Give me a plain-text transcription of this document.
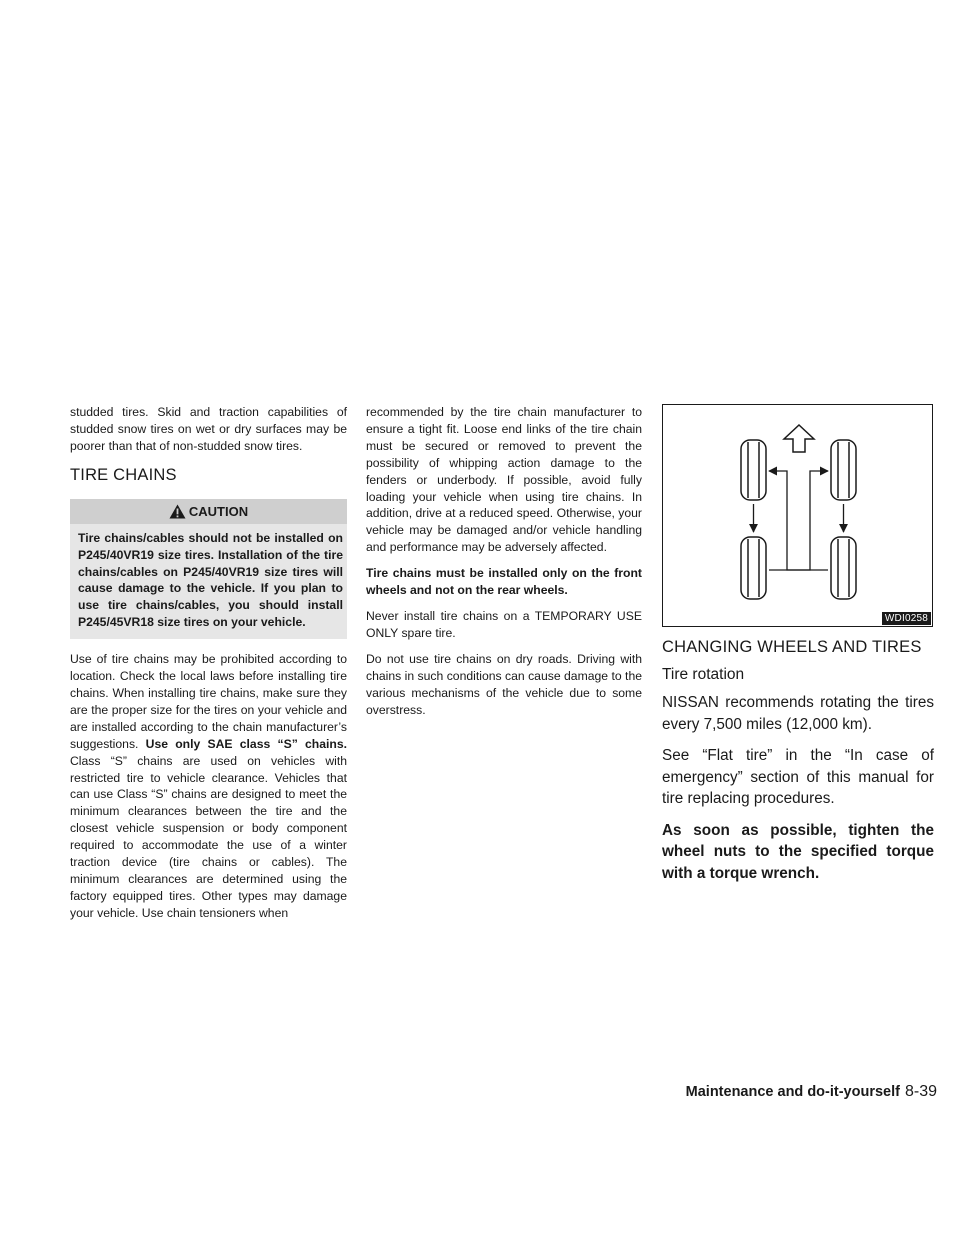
studded tires. Skid and traction capabilities of studded snow tires on wet or dry surfaces may be poorer than that of non-studded snow tires.

TIRE CHAINS
CAUTION
Tire chains/cables should not be installed on P245/40VR19 size tires. Installation of the tire chains/cables on P245/40VR19 size tires will cause damage to the vehicle. If you plan to use tire chains/cables, you should install P245/45VR18 size tires on your vehicle.

Use of tire chains may be prohibited according to location. Check the local laws before installing tire chains. When installing tire chains, make sure they are the proper size for the tires on your vehicle and are installed according to the chain manufacturer’s suggestions. Use only SAE class “S” chains. Class “S” chains are used on vehicles with restricted tire to vehicle clearance. Vehicles that can use Class “S” chains are designed to meet the minimum clearances between the tire and the closest vehicle suspension or body component required to accommodate the use of a winter traction device (tire chains or cables). The minimum clearances are determined using the factory equipped tires. Other types may damage your vehicle. Use chain tensioners when

recommended by the tire chain manufacturer to ensure a tight fit. Loose end links of the tire chain must be secured or removed to prevent the possibility of whipping action damage to the fenders or underbody. If possible, avoid fully loading your vehicle when using tire chains. In addition, drive at a reduced speed. Otherwise, your vehicle may be damaged and/or vehicle handling and performance may be adversely affected.

Tire chains must be installed only on the front wheels and not on the rear wheels.

Never install tire chains on a TEMPORARY USE ONLY spare tire.

Do not use tire chains on dry roads. Driving with chains in such conditions can cause damage to the various mechanisms of the vehicle due to some overstress.

WDI0258
CHANGING WHEELS AND TIRES
Tire rotation

NISSAN recommends rotating the tires every 7,500 miles (12,000 km).

See “Flat tire” in the “In case of emergency” section of this manual for tire replacing procedures.

As soon as possible, tighten the wheel nuts to the specified torque with a torque wrench.

Maintenance and do-it-yourself 8-39
